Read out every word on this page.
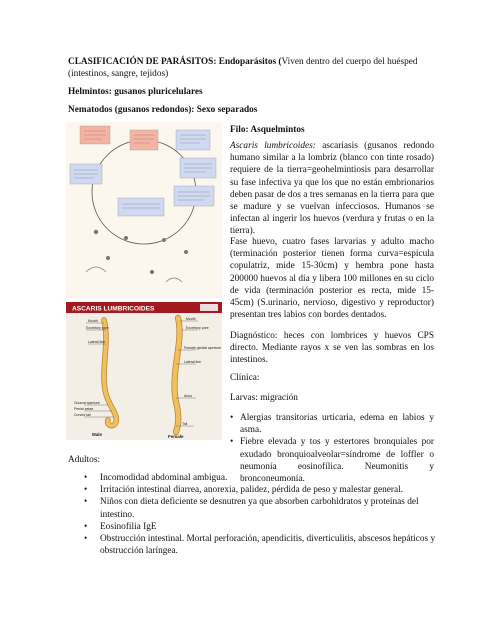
CLASIFICACIÓN DE PARÁSITOS: Endoparásitos (Viven dentro del cuerpo del huésped (intestinos, sangre, tejidos)
Helmintos: gusanos pluricelulares
Nematodos (gusanos redondos): Sexo separados
ASCARIS LUMBRICOIDES
Mouth
Excretory pore
Lateral line
Cloacal aperture
Penial setae
Curved tail
Mouth
Excretory pore
Female genital aperture
Lateral line
Anus
Tail
Male	Female
Filo: Asquelmintos
Ascaris lumbricoides: ascariasis (gusanos redondo humano similar a la lombriz (blanco con tinte rosado) requiere de la tierra=geohelmintiosis para desarrollar su fase infectiva ya que los que no están embrionarios deben pasar de dos a tres semanas en la tierra para que se madure y se vuelvan infecciosos. Humanos se infectan al ingerir los huevos (verdura y frutas o en la tierra).
Fase huevo, cuatro fases larvarias y adulto macho (terminación posterior tienen forma curva=espícula copulatriz, mide 15-30cm) y hembra pone hasta 200000 huevos al día y libera 100 millones en su ciclo de vida (terminación posterior es recta, mide 15-45cm) (S.urinario, nervioso, digestivo y reproductor) presentan tres labios con bordes dentados.
Diagnóstico: heces con lombrices y huevos CPS directo. Mediante rayos x se ven las sombras en los intestinos.
Clínica:
Larvas: migración
• Alergias transitorias urticaria, edema en labios y asma.
• Fiebre elevada y tos y estertores bronquiales por exudado bronquioalveolar=síndrome de loffler o neumonía eosinofílica. Neumonitis y bronconeumonía.
Adultos:
• Incomodidad abdominal ambigua.
• Irritación intestinal diarrea, anorexia, palidez, pérdida de peso y malestar general.
• Niños con dieta deficiente se desnutren ya que absorben carbohidratos y proteínas del intestino.
• Eosinofilia IgE
• Obstrucción intestinal. Mortal perforación, apendicitis, diverticulitis, abscesos hepáticos y obstrucción laríngea.
